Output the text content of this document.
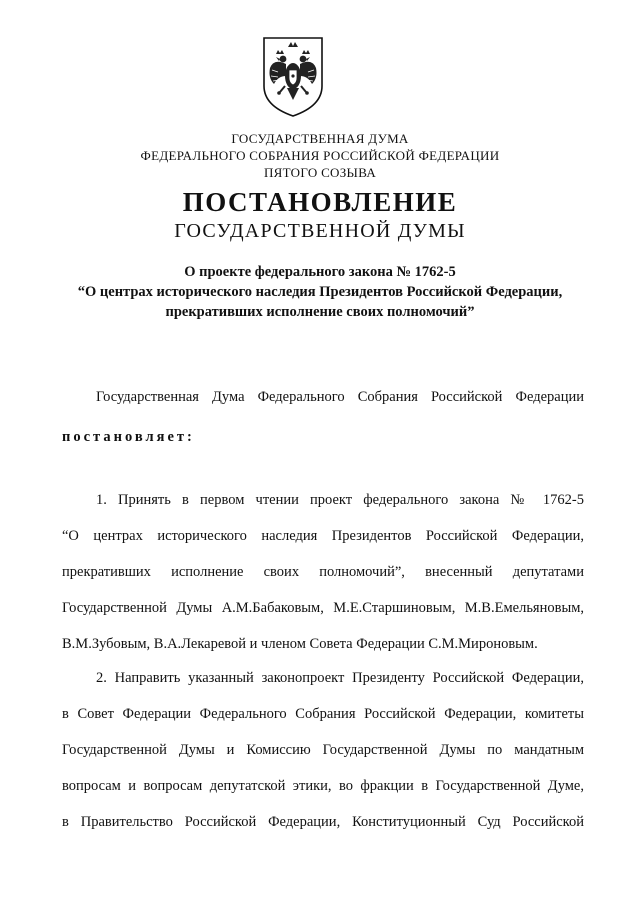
ГОСУДАРСТВЕННАЯ ДУМА
ФЕДЕРАЛЬНОГО СОБРАНИЯ РОССИЙСКОЙ ФЕДЕРАЦИИ
ПЯТОГО СОЗЫВА
ПОСТАНОВЛЕНИЕ
ГОСУДАРСТВЕННОЙ ДУМЫ
О проекте федерального закона № 1762-5
“О центрах исторического наследия Президентов Российской Федерации,
прекративших исполнение своих полномочий”
Государственная Дума Федерального Собрания Российской Федерации
постановляет:
1. Принять в первом чтении проект федерального закона № 1762-5
“О центрах исторического наследия Президентов Российской Федерации,
прекративших исполнение своих полномочий”, внесенный депутатами
Государственной Думы А.М.Бабаковым, М.Е.Старшиновым, М.В.Емельяновым,
В.М.Зубовым, В.А.Лекаревой и членом Совета Федерации С.М.Мироновым.
2. Направить указанный законопроект Президенту Российской Федерации,
в Совет Федерации Федерального Собрания Российской Федерации, комитеты
Государственной Думы и Комиссию Государственной Думы по мандатным
вопросам и вопросам депутатской этики, во фракции в Государственной Думе,
в Правительство Российской Федерации, Конституционный Суд Российской
